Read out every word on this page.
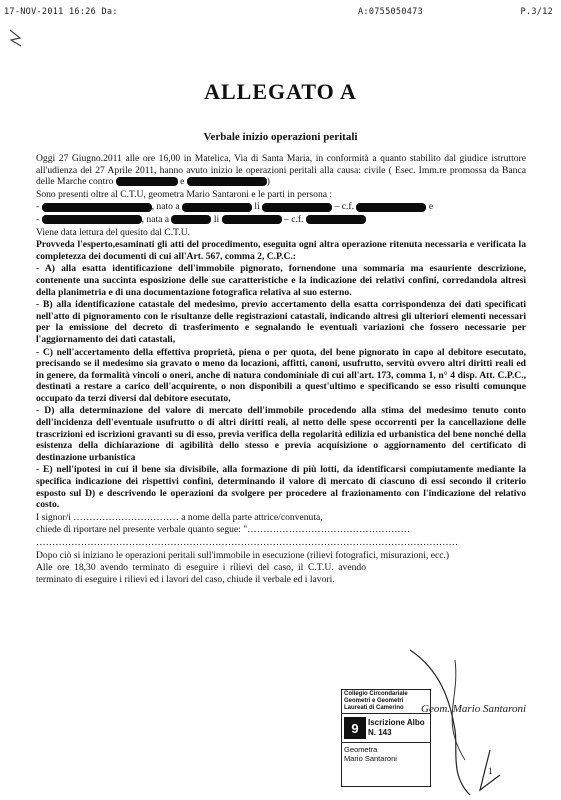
17-NOV-2011 16:26 Da:	A:0755050473	P.3/12
ALLEGATO A
Verbale inizio operazioni peritali

Oggi 27 Giugno.2011 alle ore 16,00 in Matelica, Via di Santa Maria, in conformità a quanto stabilito dal giudice istruttore all'udienza del 27 Aprile 2011, hanno avuto inizio le operazioni peritali alla causa: civile ( Esec. Imm.re promossa da Banca delle Marche contro	e	)

Sono presenti oltre al C.T.U, geometra Mario Santaroni e le parti in persona :

-	, nato a	li	– c.f.	e

-	, nata a	li	– c.f.

Viene data lettura del quesito dal C.T.U.

Provveda l'esperto,esaminati gli atti del procedimento, eseguita ogni altra operazione ritenuta necessaria e verificata la completezza dei documenti di cui all'Art. 567, comma 2, C.P.C.:

- A) alla esatta identificazione dell'immobile pignorato, fornendone una sommaria ma esauriente descrizione, contenente una succinta esposizione delle sue caratteristiche e la indicazione dei relativi confini, corredandola altresì della planimetria e di una documentazione fotografica relativa al suo esterno.

- B) alla identificazione catastale del medesimo, previo accertamento della esatta corrispondenza dei dati specificati nell'atto di pignoramento con le risultanze delle registrazioni catastali, indicando altresì gli ulteriori elementi necessari per la emissione del decreto di trasferimento e segnalando le eventuali variazioni che fossero necessarie per l'aggiornamento dei dati catastali,

- C) nell'accertamento della effettiva proprietà, piena o per quota, del bene pignorato in capo al debitore esecutato, precisando se il medesimo sia gravato o meno da locazioni, affitti, canoni, usufrutto, servitù ovvero altri diritti reali ed in genere, da formalità vincoli o oneri, anche di natura condominiale di cui all'art. 173, comma 1, n° 4 disp. Att. C.P.C., destinati a restare a carico dell'acquirente, o non disponibili a quest'ultimo e specificando se esso risulti comunque occupato da terzi diversi dal debitore esecutato,

- D) alla determinazione del valore di mercato dell'immobile procedendo alla stima del medesimo tenuto conto dell'incidenza dell'eventuale usufrutto o di altri diritti reali, al netto delle spese occorrenti per la cancellazione delle trascrizioni ed iscrizioni gravanti su di esso, previa verifica della regolarità edilizia ed urbanistica del bene nonché della esistenza della dichiarazione di agibilità dello stesso e previa acquisizione o aggiornamento del certificato di destinazione urbanistica

- E) nell'ipotesi in cui il bene sia divisibile, alla formazione di più lotti, da identificarsi compiutamente mediante la specifica indicazione dei rispettivi confini, determinando il valore di mercato di ciascuno di essi secondo il criterio esposto sul D) e descrivendo le operazioni da svolgere per procedere al frazionamento con l'indicazione del relativo costo.

I signor/i …………………………… a nome della parte attrice/convenuta,

chiede di riportare nel presente verbale quanto segue: "……………………………………………

……………………………………………………………………………………………………………………

Dopo ciò si iniziano le operazioni peritali sull'immobile in esecuzione (rilievi fotografici, misurazioni, ecc.)

Alle ore 18,30 avendo terminato di eseguire i rilievi del caso, il C.T.U. avendo terminato di eseguire i rilievi ed i lavori del caso, chiude il verbale ed i lavori.

Geom. Mario Santaroni
Collegio Circondariale Geometri e Geometri Laureati di Camerino
9	Iscrizione Albo
N. 143
Geometra
Mario Santaroni
1
